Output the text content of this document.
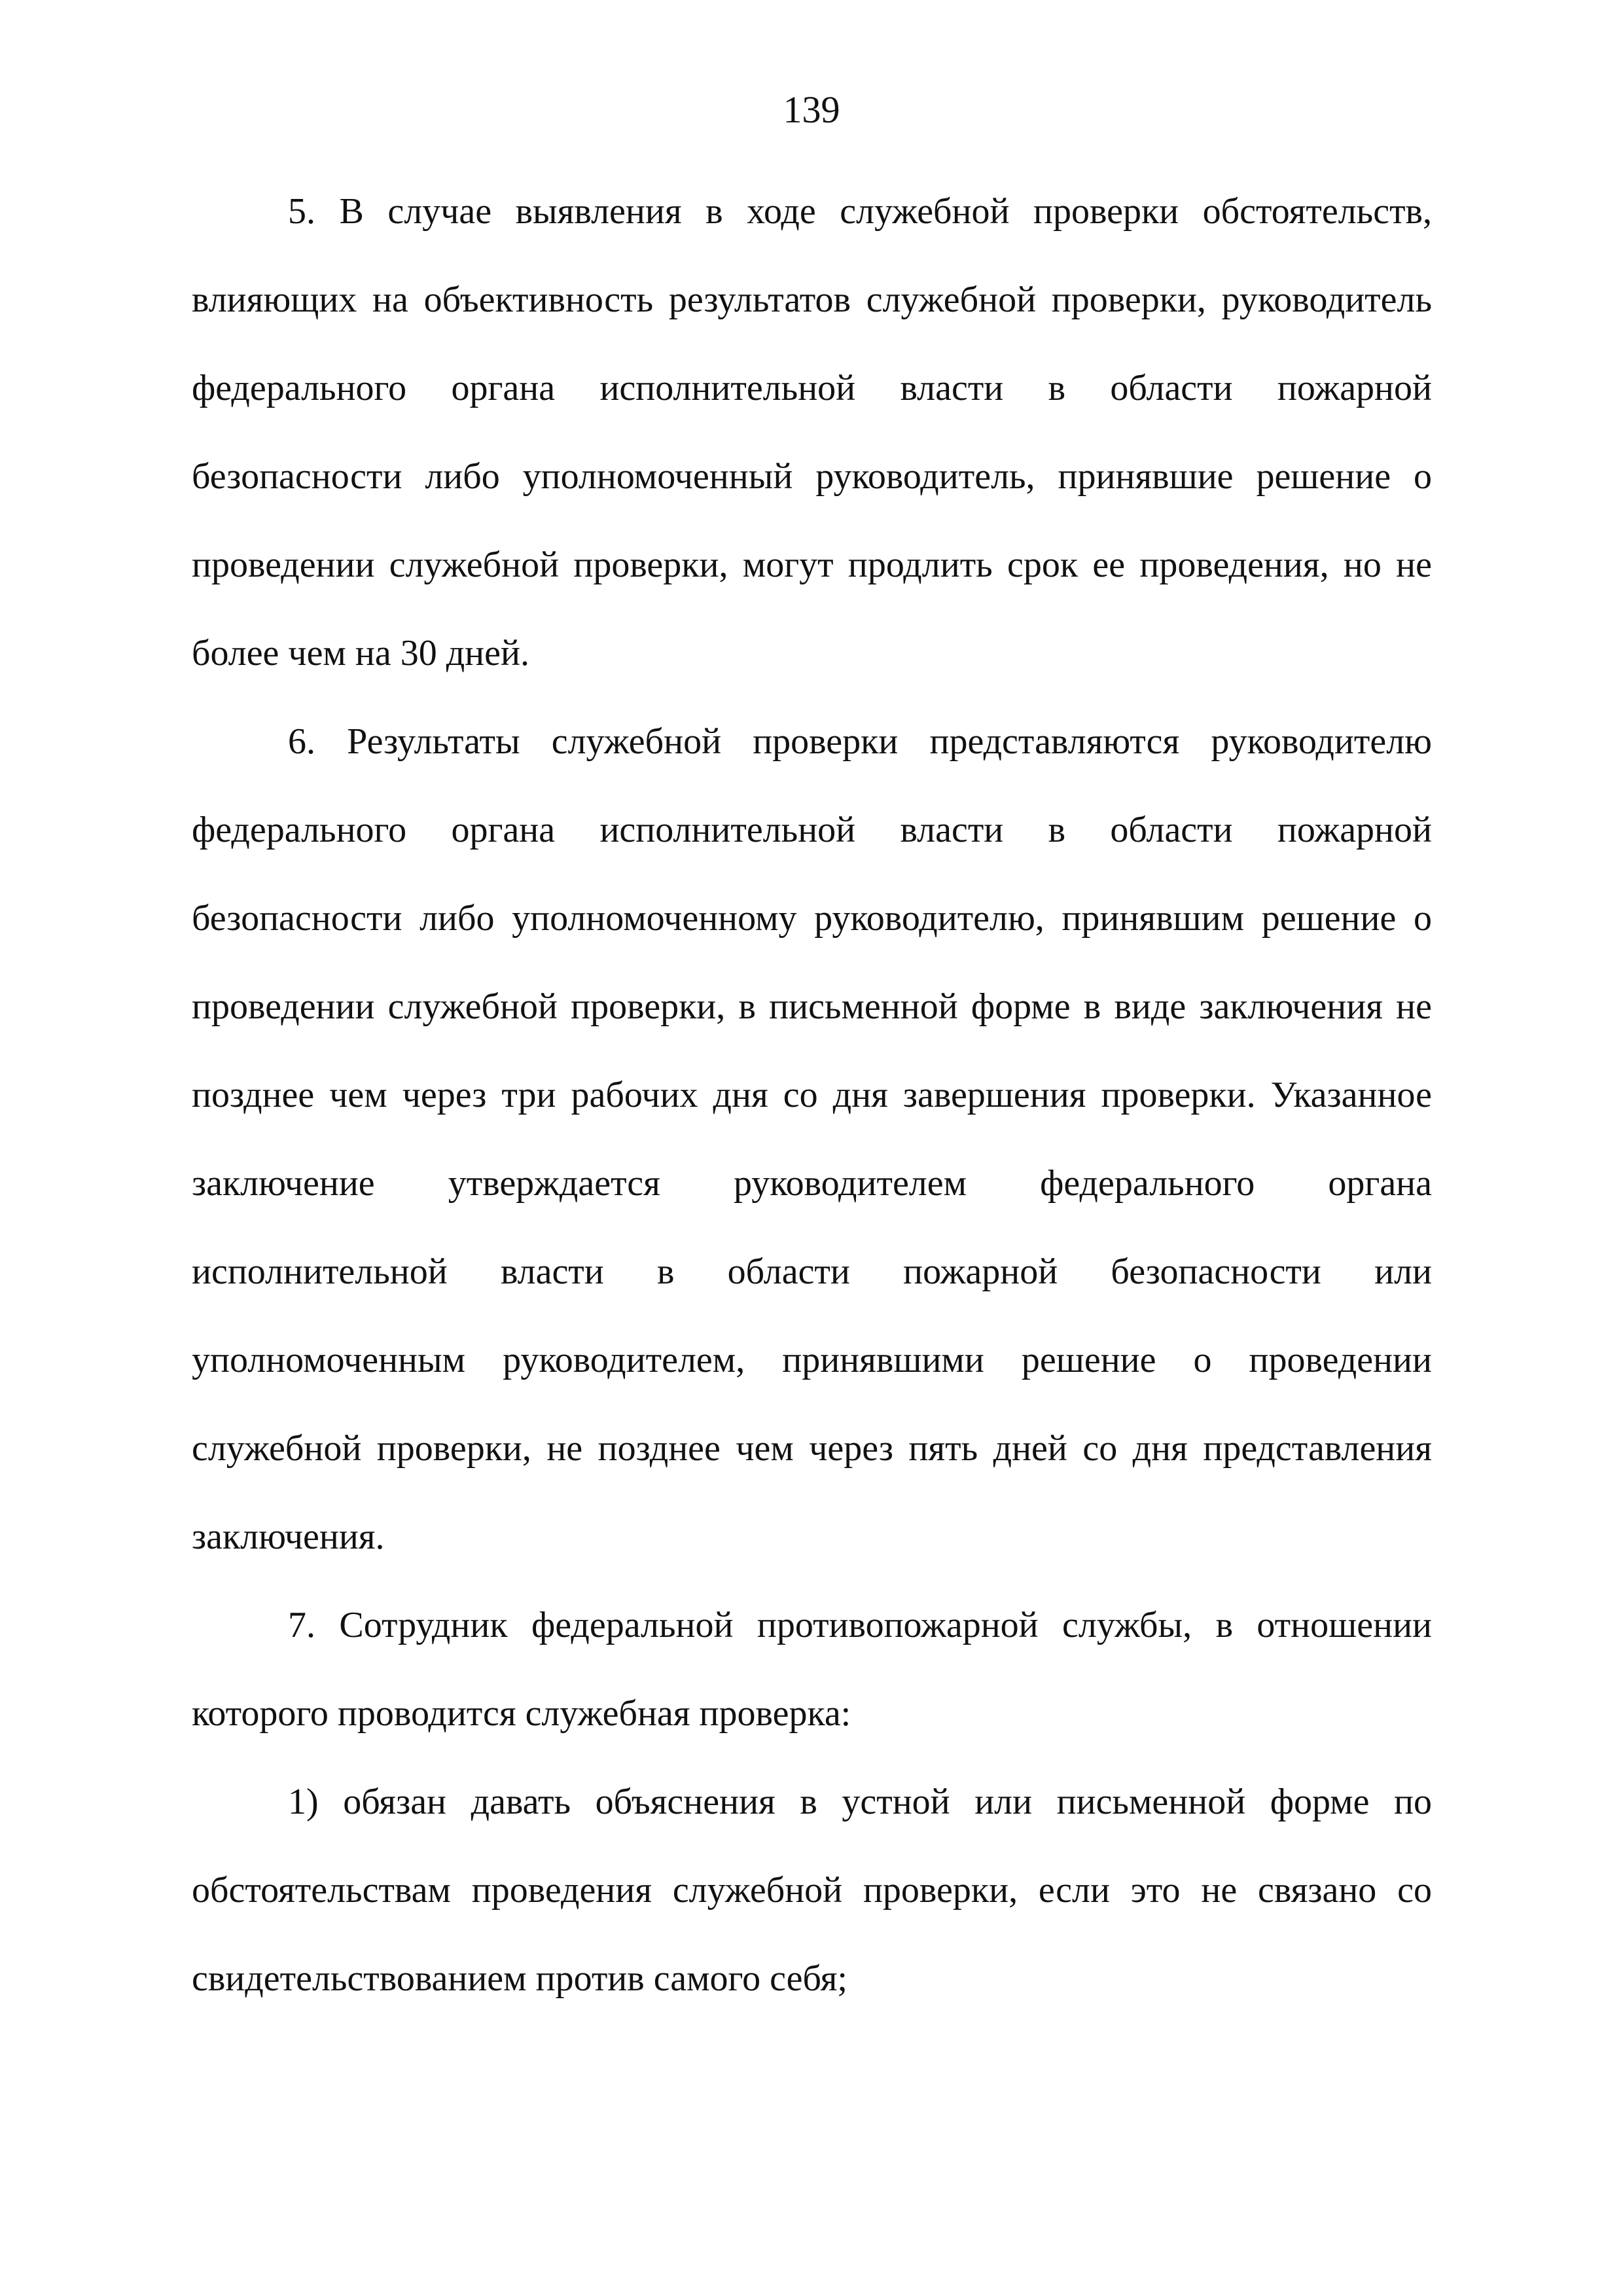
139

5. В случае выявления в ходе служебной проверки обстоятельств, влияющих на объективность результатов служебной проверки, руководитель федерального органа исполнительной власти в области пожарной безопасности либо уполномоченный руководитель, принявшие решение о проведении служебной проверки, могут продлить срок ее проведения, но не более чем на 30 дней.

6. Результаты служебной проверки представляются руководителю федерального органа исполнительной власти в области пожарной безопасности либо уполномоченному руководителю, принявшим решение о проведении служебной проверки, в письменной форме в виде заключения не позднее чем через три рабочих дня со дня завершения проверки. Указанное заключение утверждается руководителем федерального органа исполнительной власти в области пожарной безопасности или уполномоченным руководителем, принявшими решение о проведении служебной проверки, не позднее чем через пять дней со дня представления заключения.

7. Сотрудник федеральной противопожарной службы, в отношении которого проводится служебная проверка:

1) обязан давать объяснения в устной или письменной форме по обстоятельствам проведения служебной проверки, если это не связано со свидетельствованием против самого себя;
